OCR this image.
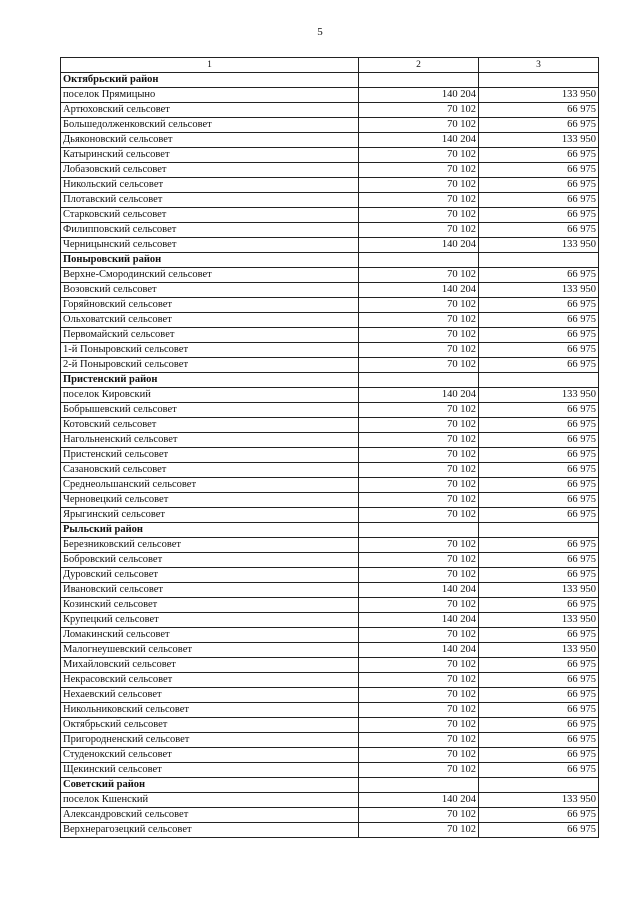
5
1	2	3
Октябрьский район		
поселок Прямицыно	140 204	133 950
Артюховский сельсовет	70 102	66 975
Большедолженковский сельсовет	70 102	66 975
Дьяконовский сельсовет	140 204	133 950
Катыринский сельсовет	70 102	66 975
Лобазовский сельсовет	70 102	66 975
Никольский сельсовет	70 102	66 975
Плотавский сельсовет	70 102	66 975
Старковский сельсовет	70 102	66 975
Филипповский сельсовет	70 102	66 975
Черницынский сельсовет	140 204	133 950
Поныровский район		
Верхне-Смородинский сельсовет	70 102	66 975
Возовский сельсовет	140 204	133 950
Горяйновский сельсовет	70 102	66 975
Ольховатский сельсовет	70 102	66 975
Первомайский сельсовет	70 102	66 975
1-й Поныровский сельсовет	70 102	66 975
2-й Поныровский сельсовет	70 102	66 975
Пристенский район		
поселок Кировский	140 204	133 950
Бобрышевский сельсовет	70 102	66 975
Котовский сельсовет	70 102	66 975
Нагольненский сельсовет	70 102	66 975
Пристенский сельсовет	70 102	66 975
Сазановский сельсовет	70 102	66 975
Среднеольшанский сельсовет	70 102	66 975
Черновецкий сельсовет	70 102	66 975
Ярыгинский сельсовет	70 102	66 975
Рыльский район		
Березниковский сельсовет	70 102	66 975
Бобровский сельсовет	70 102	66 975
Дуровский сельсовет	70 102	66 975
Ивановский сельсовет	140 204	133 950
Козинский сельсовет	70 102	66 975
Крупецкий сельсовет	140 204	133 950
Ломакинский сельсовет	70 102	66 975
Малогнеушевский сельсовет	140 204	133 950
Михайловский сельсовет	70 102	66 975
Некрасовский сельсовет	70 102	66 975
Нехаевский сельсовет	70 102	66 975
Никольниковский сельсовет	70 102	66 975
Октябрьский сельсовет	70 102	66 975
Пригородненский сельсовет	70 102	66 975
Студенокский сельсовет	70 102	66 975
Щекинский сельсовет	70 102	66 975
Советский район		
поселок Кшенский	140 204	133 950
Александровский сельсовет	70 102	66 975
Верхнерагозецкий сельсовет	70 102	66 975
